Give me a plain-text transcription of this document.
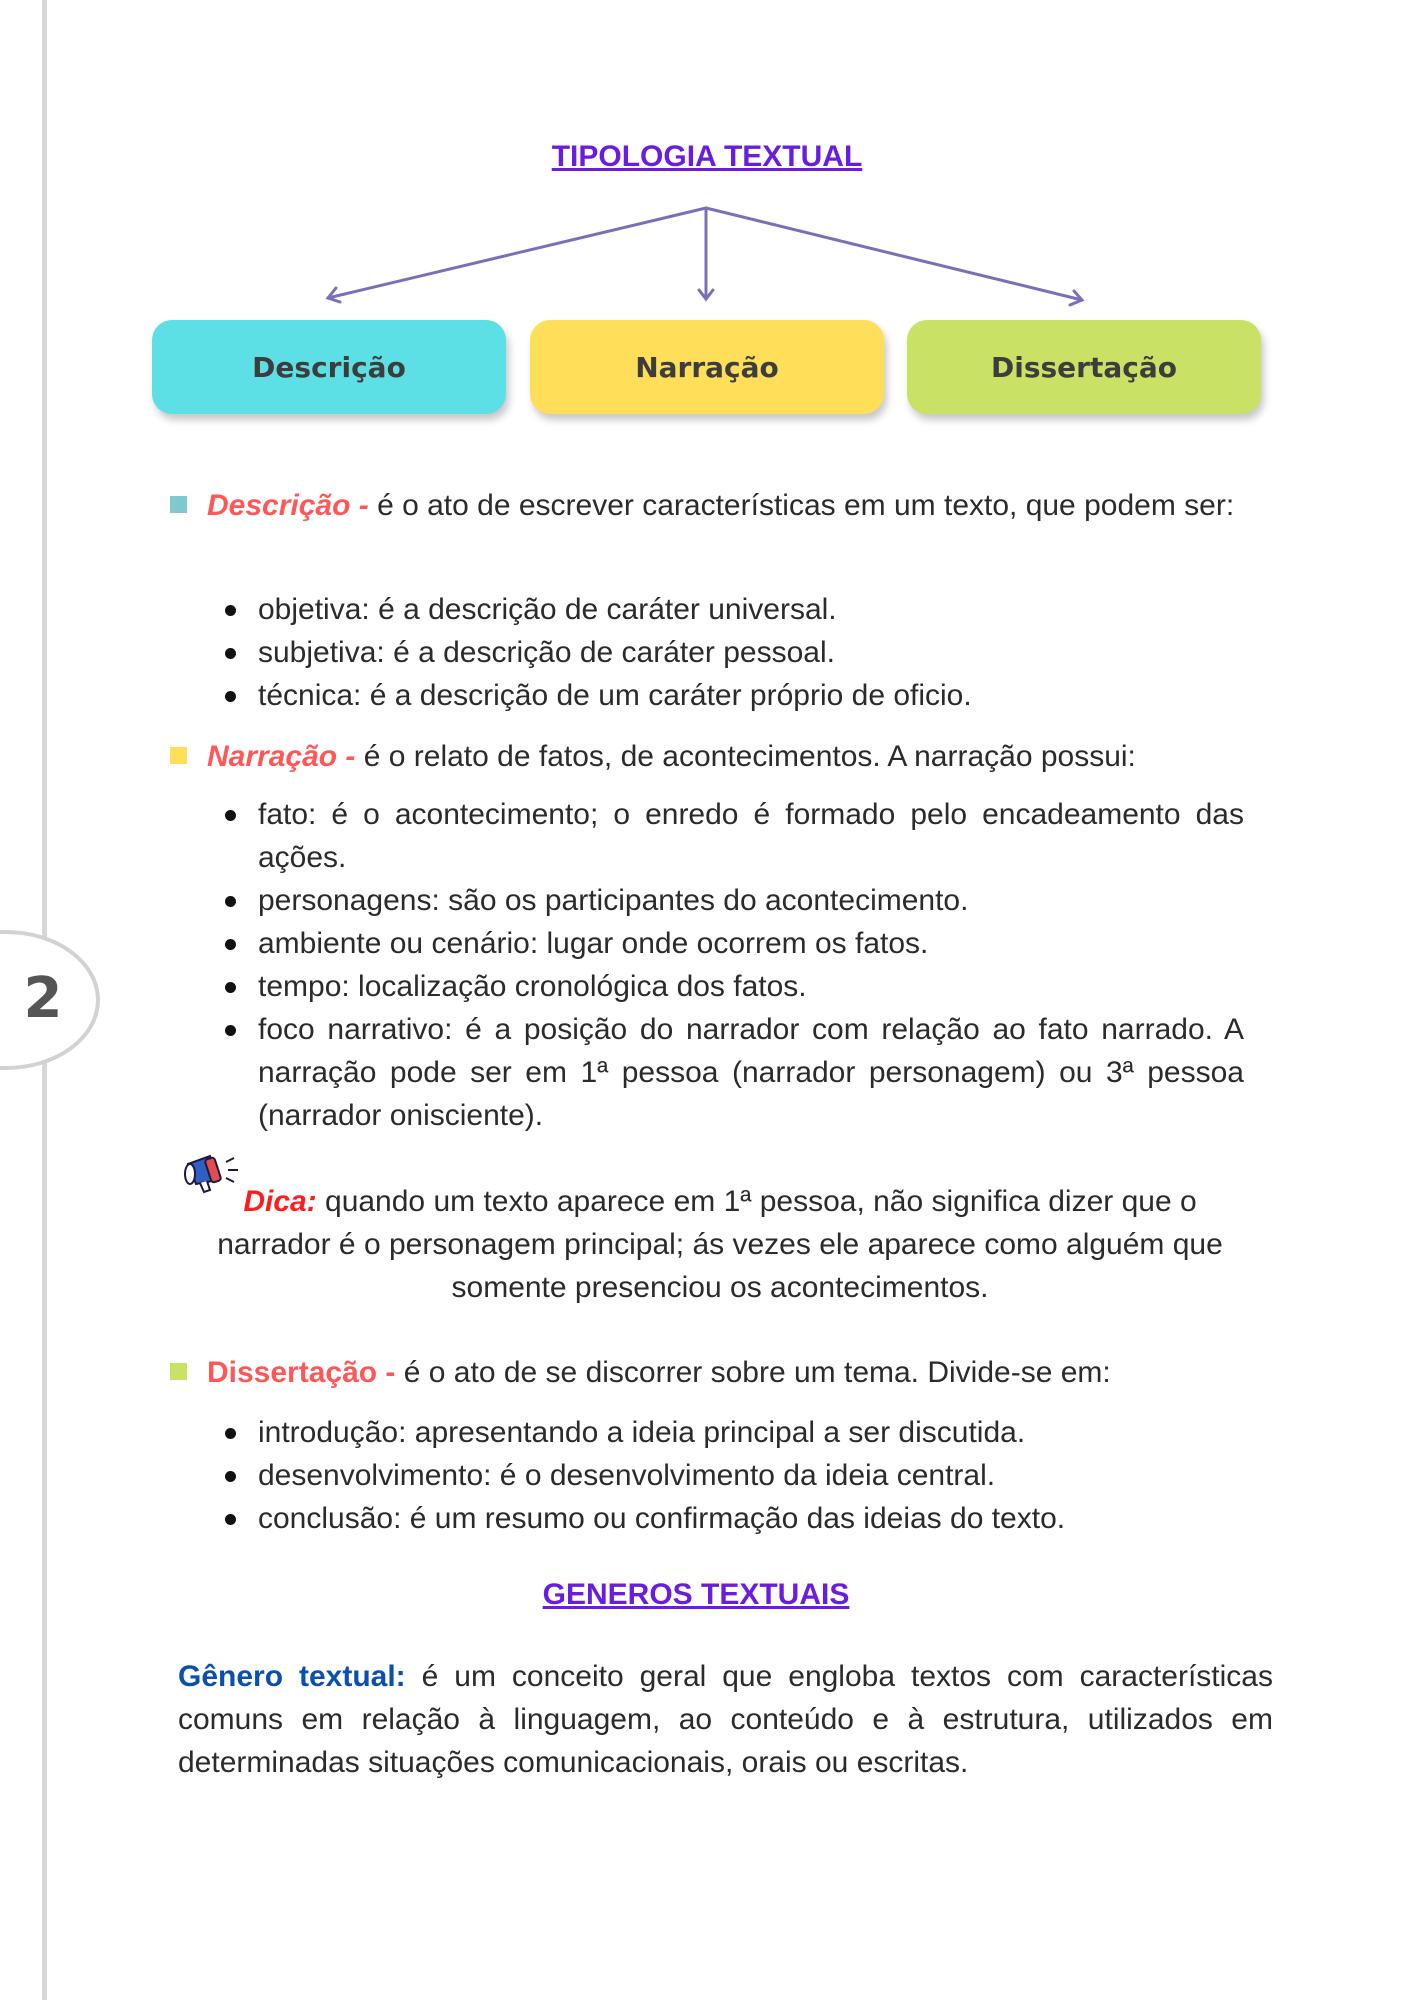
2
TIPOLOGIA TEXTUAL
Descrição	Narração	Dissertação
Descrição - é o ato de escrever características em um texto, que podem ser:
objetiva: é a descrição de caráter universal.
subjetiva: é a descrição de caráter pessoal.
técnica: é a descrição de um caráter próprio de oficio.
Narração - é o relato de fatos, de acontecimentos. A narração possui:
fato: é o acontecimento; o enredo é formado pelo encadeamento das ações.
personagens: são os participantes do acontecimento.
ambiente ou cenário: lugar onde ocorrem os fatos.
tempo: localização cronológica dos fatos.
foco narrativo: é a posição do narrador com relação ao fato narrado. A narração pode ser em 1ª pessoa (narrador personagem) ou 3ª pessoa (narrador onisciente).
Dica: quando um texto aparece em 1ª pessoa, não significa dizer que o narrador é o personagem principal; ás vezes ele aparece como alguém que somente presenciou os acontecimentos.
Dissertação - é o ato de se discorrer sobre um tema. Divide-se em:
introdução: apresentando a ideia principal a ser discutida.
desenvolvimento: é o desenvolvimento da ideia central.
conclusão: é um resumo ou confirmação das ideias do texto.
GENEROS TEXTUAIS
Gênero textual: é um conceito geral que engloba textos com características comuns em relação à linguagem, ao conteúdo e à estrutura, utilizados em determinadas situações comunicacionais, orais ou escritas.
